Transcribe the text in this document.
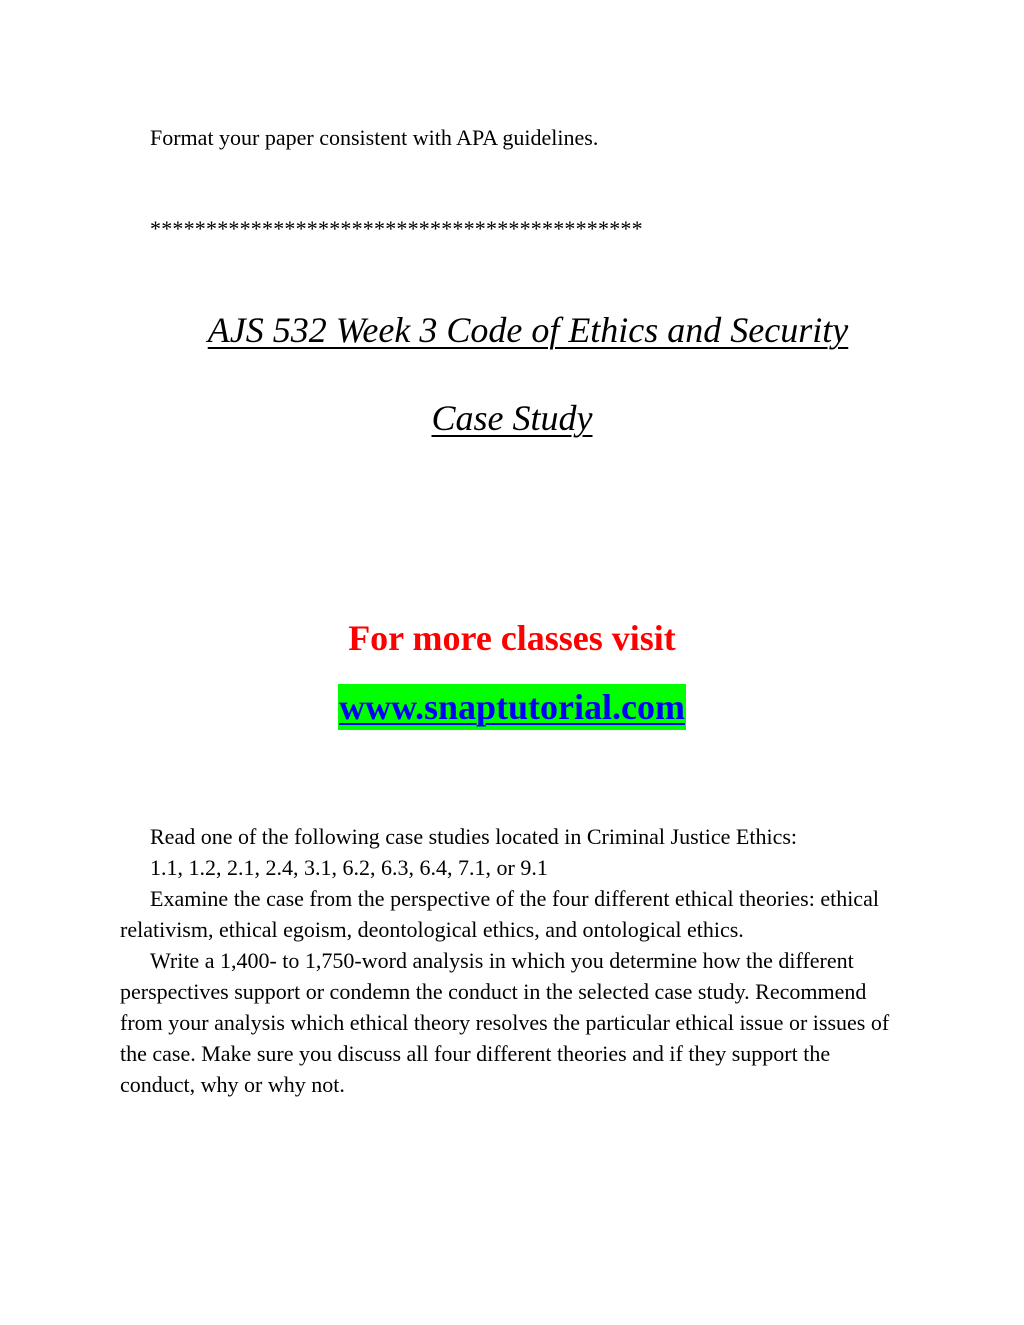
Format your paper consistent with APA guidelines.
********************************************
AJS 532 Week 3 Code of Ethics and Security
Case Study
For more classes visit
www.snaptutorial.com

Read one of the following case studies located in Criminal Justice Ethics:

1.1, 1.2, 2.1, 2.4, 3.1, 6.2, 6.3, 6.4, 7.1, or 9.1

Examine the case from the perspective of the four different ethical theories: ethical relativism, ethical egoism, deontological ethics, and ontological ethics.

Write a 1,400- to 1,750-word analysis in which you determine how the different perspectives support or condemn the conduct in the selected case study. Recommend from your analysis which ethical theory resolves the particular ethical issue or issues of the case. Make sure you discuss all four different theories and if they support the conduct, why or why not.
